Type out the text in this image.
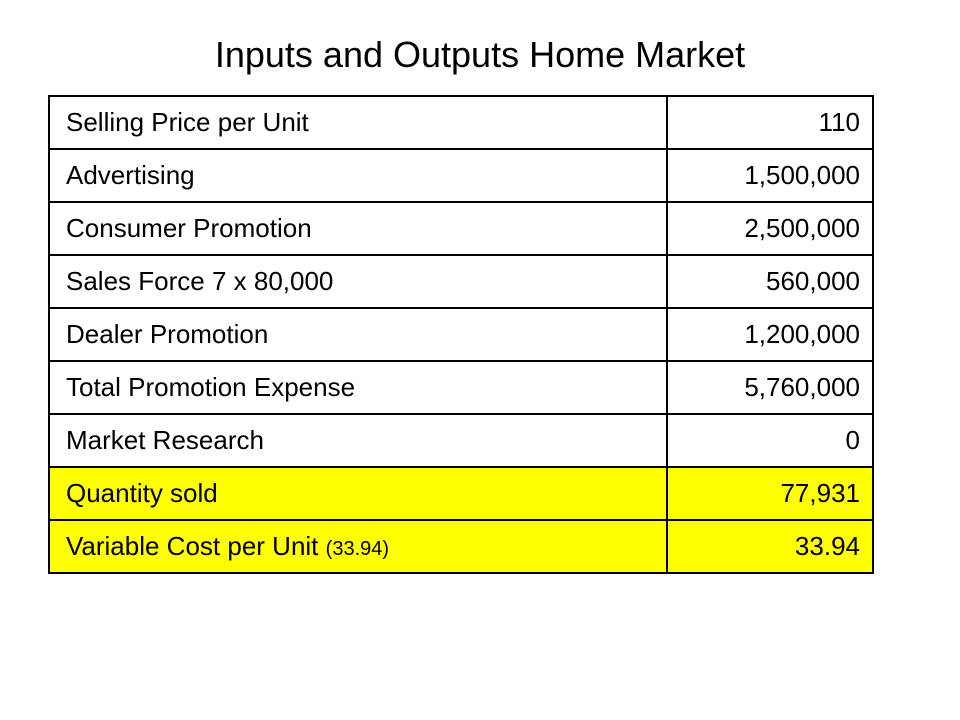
Inputs and Outputs Home Market
Selling Price per Unit	110
Advertising	1,500,000
Consumer Promotion	2,500,000
Sales Force 7 x 80,000	560,000
Dealer Promotion	1,200,000
Total Promotion Expense	5,760,000
Market Research	0
Quantity sold	77,931
Variable Cost per Unit (33.94)	33.94
